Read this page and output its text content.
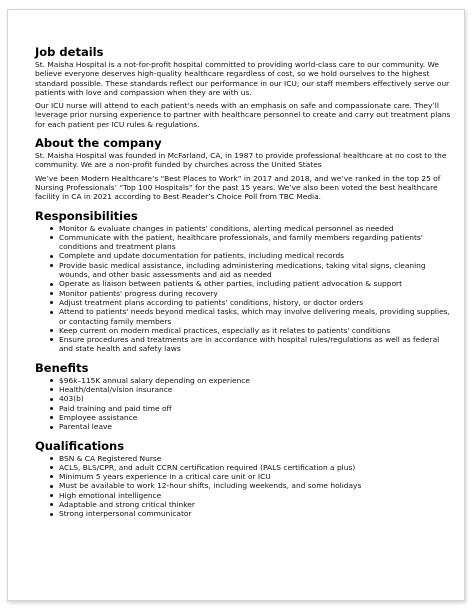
Job details

St. Maisha Hospital is a not-for-profit hospital committed to providing world-class care to our community. We believe everyone deserves high-quality healthcare regardless of cost, so we hold ourselves to the highest standard possible. These standards reflect our performance in our ICU; our staff members effectively serve our patients with love and compassion when they are with us.

Our ICU nurse will attend to each patient’s needs with an emphasis on safe and compassionate care. They’ll leverage prior nursing experience to partner with healthcare personnel to create and carry out treatment plans for each patient per ICU rules & regulations.

About the company

St. Maisha Hospital was founded in McFarland, CA, in 1987 to provide professional healthcare at no cost to the community. We are a non-profit funded by churches across the United States

We’ve been Modern Healthcare’s “Best Places to Work” in 2017 and 2018, and we’ve ranked in the top 25 of Nursing Professionals’ “Top 100 Hospitals” for the past 15 years. We’ve also been voted the best healthcare facility in CA in 2021 according to Best Reader’s Choice Poll from TBC Media.

Responsibilities
Monitor & evaluate changes in patients' conditions, alerting medical personnel as needed
Communicate with the patient, healthcare professionals, and family members regarding patients' conditions and treatment plans
Complete and update documentation for patients, including medical records
Provide basic medical assistance, including administering medications, taking vital signs, cleaning wounds, and other basic assessments and aid as needed
Operate as liaison between patients & other parties, including patient advocation & support
Monitor patients' progress during recovery
Adjust treatment plans according to patients' conditions, history, or doctor orders
Attend to patients' needs beyond medical tasks, which may involve delivering meals, providing supplies, or contacting family members
Keep current on modern medical practices, especially as it relates to patients' conditions
Ensure procedures and treatments are in accordance with hospital rules/regulations as well as federal and state health and safety laws
Benefits
$96k–115K annual salary depending on experience
Health/dental/vision insurance
403(b)
Paid training and paid time off
Employee assistance
Parental leave
Qualifications
BSN & CA Registered Nurse
ACLS, BLS/CPR, and adult CCRN certification required (PALS certification a plus)
Minimum 5 years experience in a critical care unit or ICU
Must be available to work 12-hour shifts, including weekends, and some holidays
High emotional intelligence
Adaptable and strong critical thinker
Strong interpersonal communicator
